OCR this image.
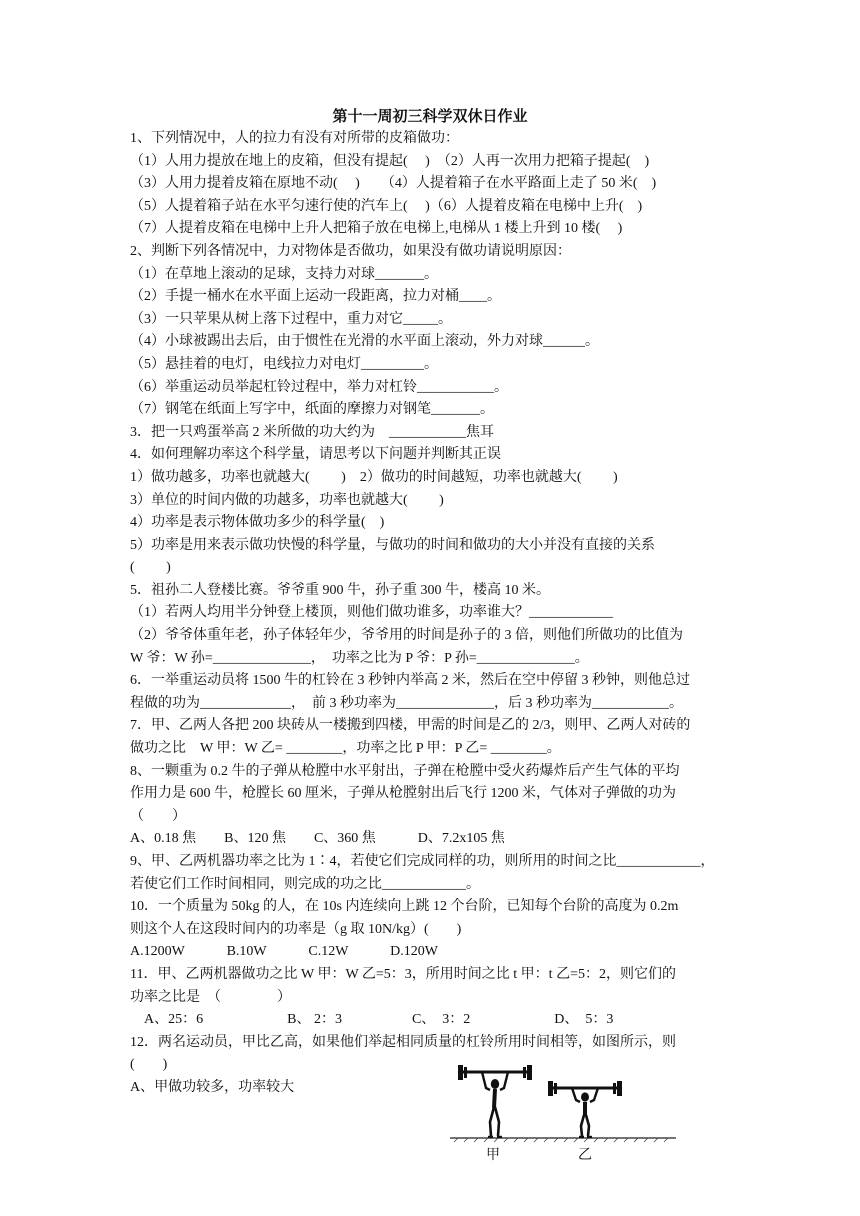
第十一周初三科学双休日作业
1、下列情况中，人的拉力有没有对所带的皮箱做功：
（1）人用力提放在地上的皮箱，但没有提起(　 )　（2）人再一次用力把箱子提起(　)
（3）人用力提着皮箱在原地不动(　 )　　（4）人提着箱子在水平路面上走了 50 米(　)
（5）人提着箱子站在水平匀速行使的汽车上(　 )（6）人提着皮箱在电梯中上升(　)
（7）人提着皮箱在电梯中上升人把箱子放在电梯上,电梯从 1 楼上升到 10 楼(　 )
2、判断下列各情况中，力对物体是否做功，如果没有做功请说明原因：
（1）在草地上滚动的足球，支持力对球_______。
（2）手提一桶水在水平面上运动一段距离，拉力对桶____。
（3）一只苹果从树上落下过程中，重力对它_____。
（4）小球被踢出去后，由于惯性在光滑的水平面上滚动，外力对球______。
（5）悬挂着的电灯，电线拉力对电灯_________。
（6）举重运动员举起杠铃过程中，举力对杠铃___________。
（7）钢笔在纸面上写字中，纸面的摩擦力对钢笔_______。
3．把一只鸡蛋举高 2 米所做的功大约为　___________焦耳
4．如何理解功率这个科学量，请思考以下问题并判断其正误
1）做功越多，功率也就越大(　　 )　2）做功的时间越短，功率也就越大(　　 )
3）单位的时间内做的功越多，功率也就越大(　　 )
4）功率是表示物体做功多少的科学量(　)
5）功率是用来表示做功快慢的科学量，与做功的时间和做功的大小并没有直接的关系
(　　 )
5．祖孙二人登楼比赛。爷爷重 900 牛，孙子重 300 牛，楼高 10 米。
（1）若两人均用半分钟登上楼顶，则他们做功谁多，功率谁大？____________
（2）爷爷体重年老，孙子体轻年少，爷爷用的时间是孙子的 3 倍，则他们所做功的比值为
W 爷：W 孙=______________，　功率之比为 P 爷：P 孙=______________。
6．一举重运动员将 1500 牛的杠铃在 3 秒钟内举高 2 米，然后在空中停留 3 秒钟，则他总过
程做的功为_____________，　前 3 秒功率为______________，后 3 秒功率为___________。
7．甲、乙两人各把 200 块砖从一楼搬到四楼，甲需的时间是乙的 2/3，则甲、乙两人对砖的
做功之比　W 甲：W 乙= ________，功率之比 P 甲：P 乙= ________。
8、一颗重为 0.2 牛的子弹从枪膛中水平射出，子弹在枪膛中受火药爆炸后产生气体的平均
作用力是 600 牛，枪膛长 60 厘米，子弹从枪膛射出后飞行 1200 米，气体对子弹做的功为
（　　）
A、0.18 焦　　B、120 焦　　C、360 焦　　　D、7.2x105 焦
9、甲、乙两机器功率之比为 1∶4，若使它们完成同样的功，则所用的时间之比____________，
若使它们工作时间相同，则完成的功之比____________。
10．一个质量为 50kg 的人，在 10s 内连续向上跳 12 个台阶，已知每个台阶的高度为 0.2m
则这个人在这段时间内的功率是（g 取 10N/kg）(　　)
A.1200W　　　B.10W　　　C.12W　　　D.120W
11．甲、乙两机器做功之比 W 甲：W 乙=5：3，所用时间之比 t 甲：t 乙=5：2，则它们的
功率之比是　（　　　　）
　A、25：6　　　　　　B、 2：3　　　　　C、　3：2　　　　　　D、　5：3
12．两名运动员，甲比乙高，如果他们举起相同质量的杠铃所用时间相等，如图所示，则
(　　)
A、甲做功较多，功率较大
甲	乙
